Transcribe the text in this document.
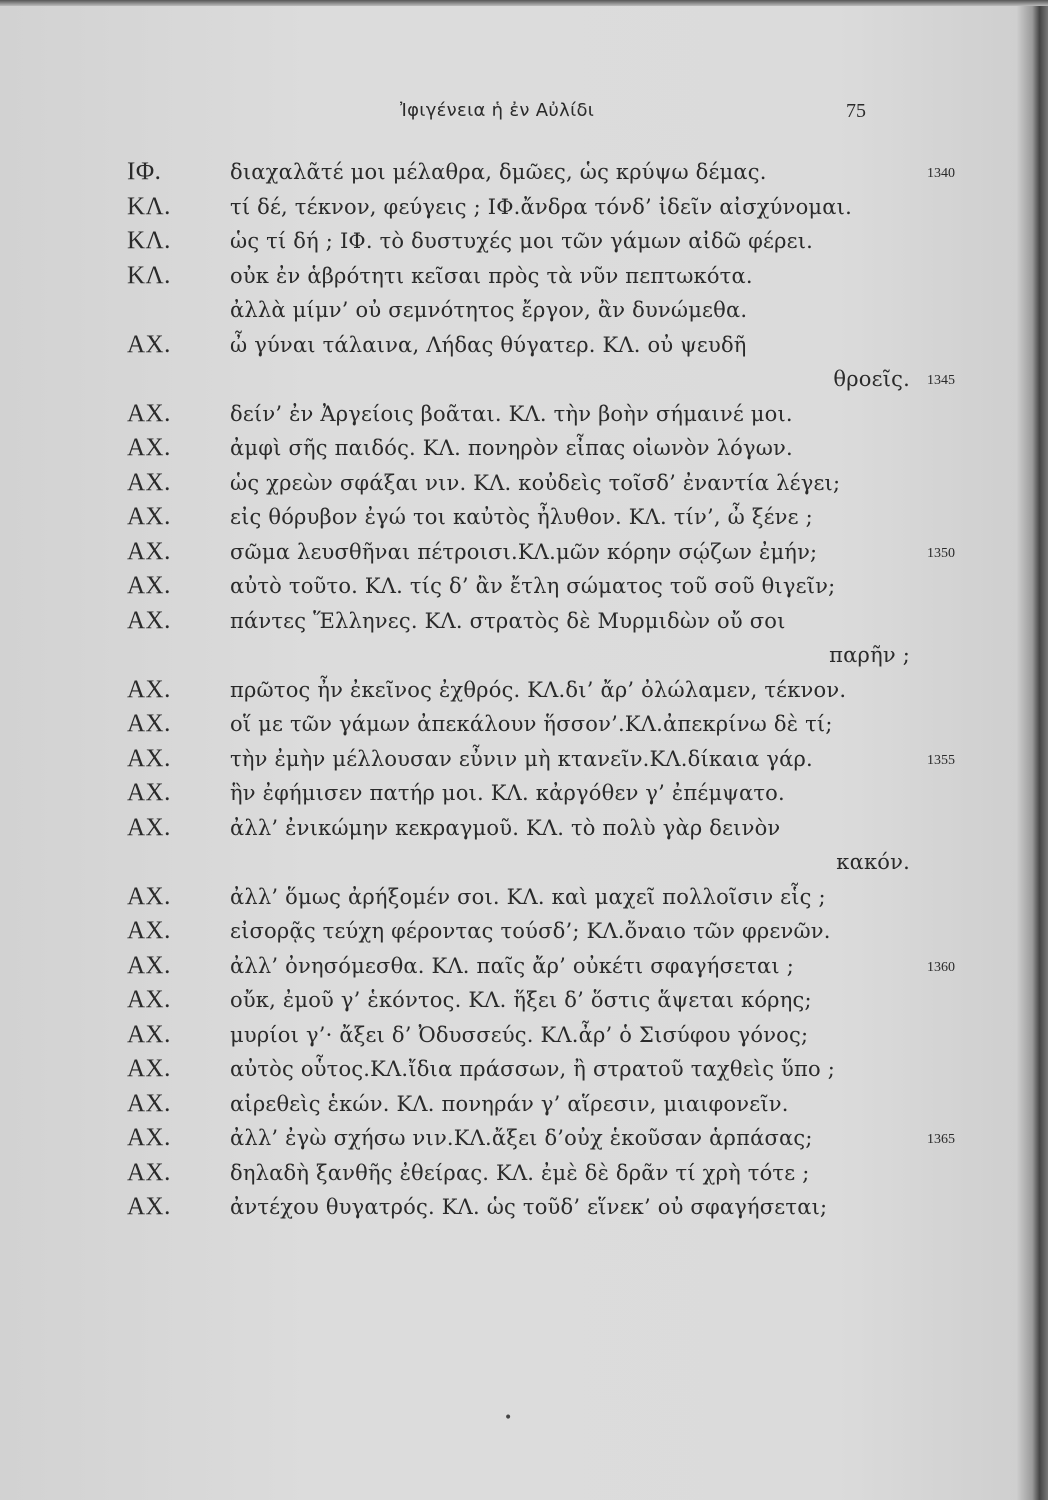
Ἰφιγένεια ἡ ἐν Αὐλίδι	75
ΙΦ.	διαχαλᾶτέ μοι μέλαθρα, δμῶες, ὡς κρύψω δέμας.	1340
ΚΛ.	τί δέ, τέκνον, φεύγεις ; ΙΦ.ἄνδρα τόνδ’ ἰδεῖν αἰσχύνομαι.
ΚΛ.	ὡς τί δή ; ΙΦ. τὸ δυστυχές μοι τῶν γάμων αἰδῶ φέρει.
ΚΛ.	οὐκ ἐν ἁβρότητι κεῖσαι πρὸς τὰ νῦν πεπτωκότα.
ἀλλὰ μίμν’ οὐ σεμνότητος ἔργον, ἂν δυνώμεθα.
ΑΧ.	ὦ γύναι τάλαινα, Λήδας θύγατερ. ΚΛ. οὐ ψευδῆ
θροεῖς. 1345
ΑΧ.	δείν’ ἐν Ἀργείοις βοᾶται. ΚΛ. τὴν βοὴν σήμαινέ μοι.
ΑΧ.	ἀμφὶ σῆς παιδός. ΚΛ. πονηρὸν εἶπας οἰωνὸν λόγων.
ΑΧ.	ὡς χρεὼν σφάξαι νιν. ΚΛ. κοὐδεὶς τοῖσδ’ ἐναντία λέγει;
ΑΧ.	εἰς θόρυβον ἐγώ τοι καὐτὸς ἦλυθον. ΚΛ. τίν’, ὦ ξένε ;
ΑΧ.	σῶμα λευσθῆναι πέτροισι.ΚΛ.μῶν κόρην σῴζων ἐμήν;	1350
ΑΧ.	αὐτὸ τοῦτο. ΚΛ. τίς δ’ ἂν ἔτλη σώματος τοῦ σοῦ θιγεῖν;
ΑΧ.	πάντες Ἕλληνες. ΚΛ. στρατὸς δὲ Μυρμιδὼν οὔ σοι
παρῆν ;
ΑΧ.	πρῶτος ἦν ἐκεῖνος ἐχθρός. ΚΛ.δι’ ἄρ’ ὀλώλαμεν, τέκνον.
ΑΧ.	οἵ με τῶν γάμων ἀπεκάλουν ἥσσον’.ΚΛ.ἀπεκρίνω δὲ τί;
ΑΧ.	τὴν ἐμὴν μέλλουσαν εὖνιν μὴ κτανεῖν.ΚΛ.δίκαια γάρ.	1355
ΑΧ.	ἣν ἐφήμισεν πατήρ μοι. ΚΛ. κἀργόθεν γ’ ἐπέμψατο.
ΑΧ.	ἀλλ’ ἐνικώμην κεκραγμοῦ. ΚΛ. τὸ πολὺ γὰρ δεινὸν
κακόν.
ΑΧ.	ἀλλ’ ὅμως ἀρήξομέν σοι. ΚΛ. καὶ μαχεῖ πολλοῖσιν εἷς ;
ΑΧ.	εἰσορᾷς τεύχη φέροντας τούσδ’; ΚΛ.ὄναιο τῶν φρενῶν.
ΑΧ.	ἀλλ’ ὀνησόμεσθα. ΚΛ. παῖς ἄρ’ οὐκέτι σφαγήσεται ;	1360
ΑΧ.	οὔκ, ἐμοῦ γ’ ἑκόντος. ΚΛ. ἥξει δ’ ὅστις ἅψεται κόρης;
ΑΧ.	μυρίοι γ’· ἄξει δ’ Ὀδυσσεύς. ΚΛ.ἆρ’ ὁ Σισύφου γόνος;
ΑΧ.	αὐτὸς οὗτος.ΚΛ.ἴδια πράσσων, ἢ στρατοῦ ταχθεὶς ὕπο ;
ΑΧ.	αἱρεθεὶς ἑκών. ΚΛ. πονηράν γ’ αἵρεσιν, μιαιφονεῖν.
ΑΧ.	ἀλλ’ ἐγὼ σχήσω νιν.ΚΛ.ἄξει δ’οὐχ ἑκοῦσαν ἁρπάσας;	1365
ΑΧ.	δηλαδὴ ξανθῆς ἐθείρας. ΚΛ. ἐμὲ δὲ δρᾶν τί χρὴ τότε ;
ΑΧ.	ἀντέχου θυγατρός. ΚΛ. ὡς τοῦδ’ εἵνεκ’ οὐ σφαγήσεται;
•
